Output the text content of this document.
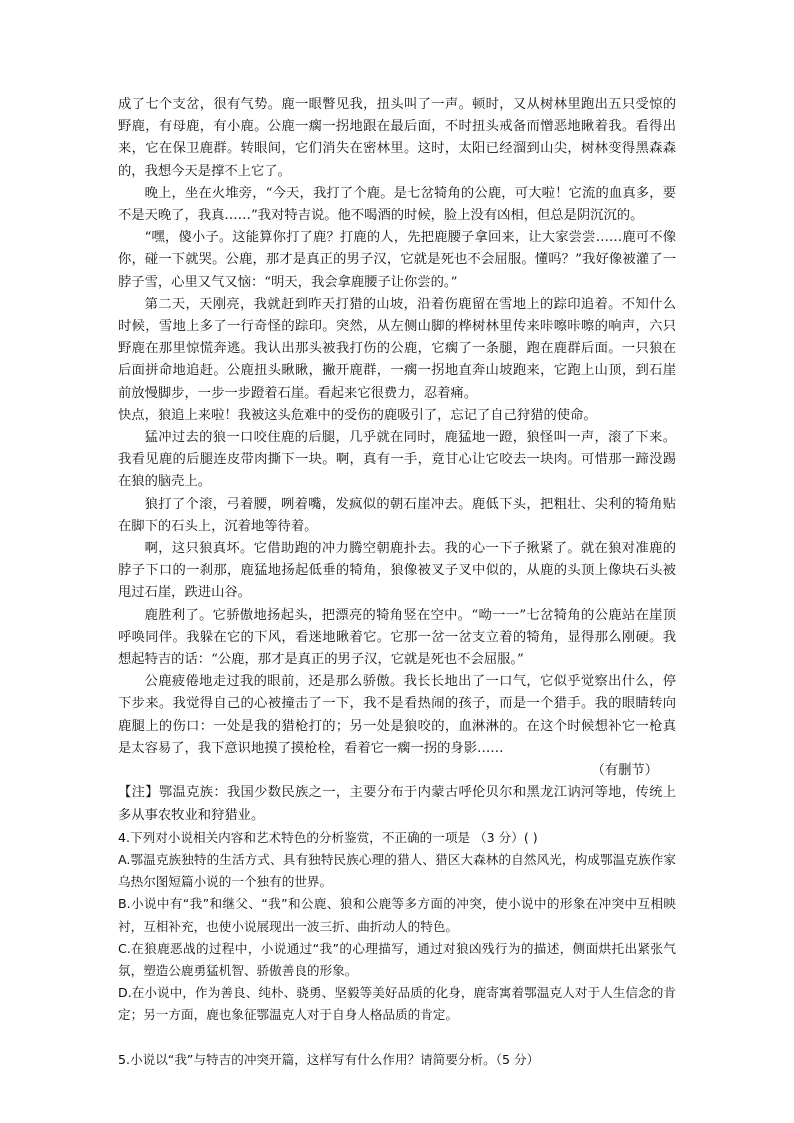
成了七个支岔，很有气势。鹿一眼瞥见我，扭头叫了一声。顿时，又从树林里跑出五只受惊的野鹿，有母鹿，有小鹿。公鹿一瘸一拐地跟在最后面，不时扭头戒备而憎恶地瞅着我。看得出来，它在保卫鹿群。转眼间，它们消失在密林里。这时，太阳已经溜到山尖，树林变得黑森森的，我想今天是撑不上它了。

晚上，坐在火堆旁，“今天，我打了个鹿。是七岔犄角的公鹿，可大啦！它流的血真多，要不是天晚了，我真……”我对特吉说。他不喝酒的时候，脸上没有凶相，但总是阴沉沉的。

“嘿，傻小子。这能算你打了鹿？打鹿的人，先把鹿腰子拿回来，让大家尝尝……鹿可不像你，碰一下就哭。公鹿，那才是真正的男子汉，它就是死也不会屈服。懂吗？”我好像被灌了一脖子雪，心里又气又恼：“明天，我会拿鹿腰子让你尝的。”

第二天，天刚亮，我就赶到昨天打猎的山坡，沿着伤鹿留在雪地上的踪印追着。不知什么时候，雪地上多了一行奇怪的踪印。突然，从左侧山脚的桦树林里传来咔嚓咔嚓的响声，六只野鹿在那里惊慌奔逃。我认出那头被我打伤的公鹿，它瘸了一条腿，跑在鹿群后面。一只狼在后面拼命地追赶。公鹿扭头瞅瞅，撇开鹿群，一瘸一拐地直奔山坡跑来，它跑上山顶，到石崖前放慢脚步，一步一步蹬着石崖。看起来它很费力，忍着痛。

快点，狼追上来啦！我被这头危难中的受伤的鹿吸引了，忘记了自己狩猎的使命。

猛冲过去的狼一口咬住鹿的后腿，几乎就在同时，鹿猛地一蹬，狼怪叫一声，滚了下来。我看见鹿的后腿连皮带肉撕下一块。啊，真有一手，竟甘心让它咬去一块肉。可惜那一蹄没踢在狼的脑壳上。

狼打了个滚，弓着腰，咧着嘴，发疯似的朝石崖冲去。鹿低下头，把粗壮、尖利的犄角贴在脚下的石头上，沉着地等待着。

啊，这只狼真坏。它借助跑的冲力腾空朝鹿扑去。我的心一下子揪紧了。就在狼对准鹿的脖子下口的一刹那，鹿猛地扬起低垂的犄角，狼像被叉子叉中似的，从鹿的头顶上像块石头被甩过石崖，跌进山谷。

鹿胜利了。它骄傲地扬起头，把漂亮的犄角竖在空中。“呦一一”七岔犄角的公鹿站在崖顶呼唤同伴。我躲在它的下风，看迷地瞅着它。它那一岔一岔支立着的犄角，显得那么刚硬。我想起特吉的话：“公鹿，那才是真正的男子汉，它就是死也不会屈服。”

公鹿疲倦地走过我的眼前，还是那么骄傲。我长长地出了一口气，它似乎觉察出什么，停下步来。我觉得自己的心被撞击了一下，我不是看热闹的孩子，而是一个猎手。我的眼睛转向鹿腿上的伤口：一处是我的猎枪打的；另一处是狼咬的，血淋淋的。在这个时候想补它一枪真是太容易了，我下意识地摸了摸枪栓，看着它一瘸一拐的身影……

（有删节）

【注】鄂温克族：我国少数民族之一，主要分布于内蒙古呼伦贝尔和黑龙江讷河等地，传统上多从事农牧业和狩猎业。

4.下列对小说相关内容和艺术特色的分析鉴赏，不正确的一项是 （3 分）( )

A.鄂温克族独特的生活方式、具有独特民族心理的猎人、猎区大森林的自然风光，构成鄂温克族作家乌热尔图短篇小说的一个独有的世界。

B.小说中有“我”和继父、“我”和公鹿、狼和公鹿等多方面的冲突，使小说中的形象在冲突中互相映衬，互相补充，也使小说展现出一波三折、曲折动人的特色。

C.在狼鹿恶战的过程中，小说通过“我”的心理描写，通过对狼凶残行为的描述，侧面烘托出紧张气氛，塑造公鹿勇猛机智、骄傲善良的形象。

D.在小说中，作为善良、纯朴、骁勇、坚毅等美好品质的化身，鹿寄寓着鄂温克人对于人生信念的肯定；另一方面，鹿也象征鄂温克人对于自身人格品质的肯定。

5.小说以“我”与特吉的冲突开篇，这样写有什么作用？请简要分析。（5 分）
